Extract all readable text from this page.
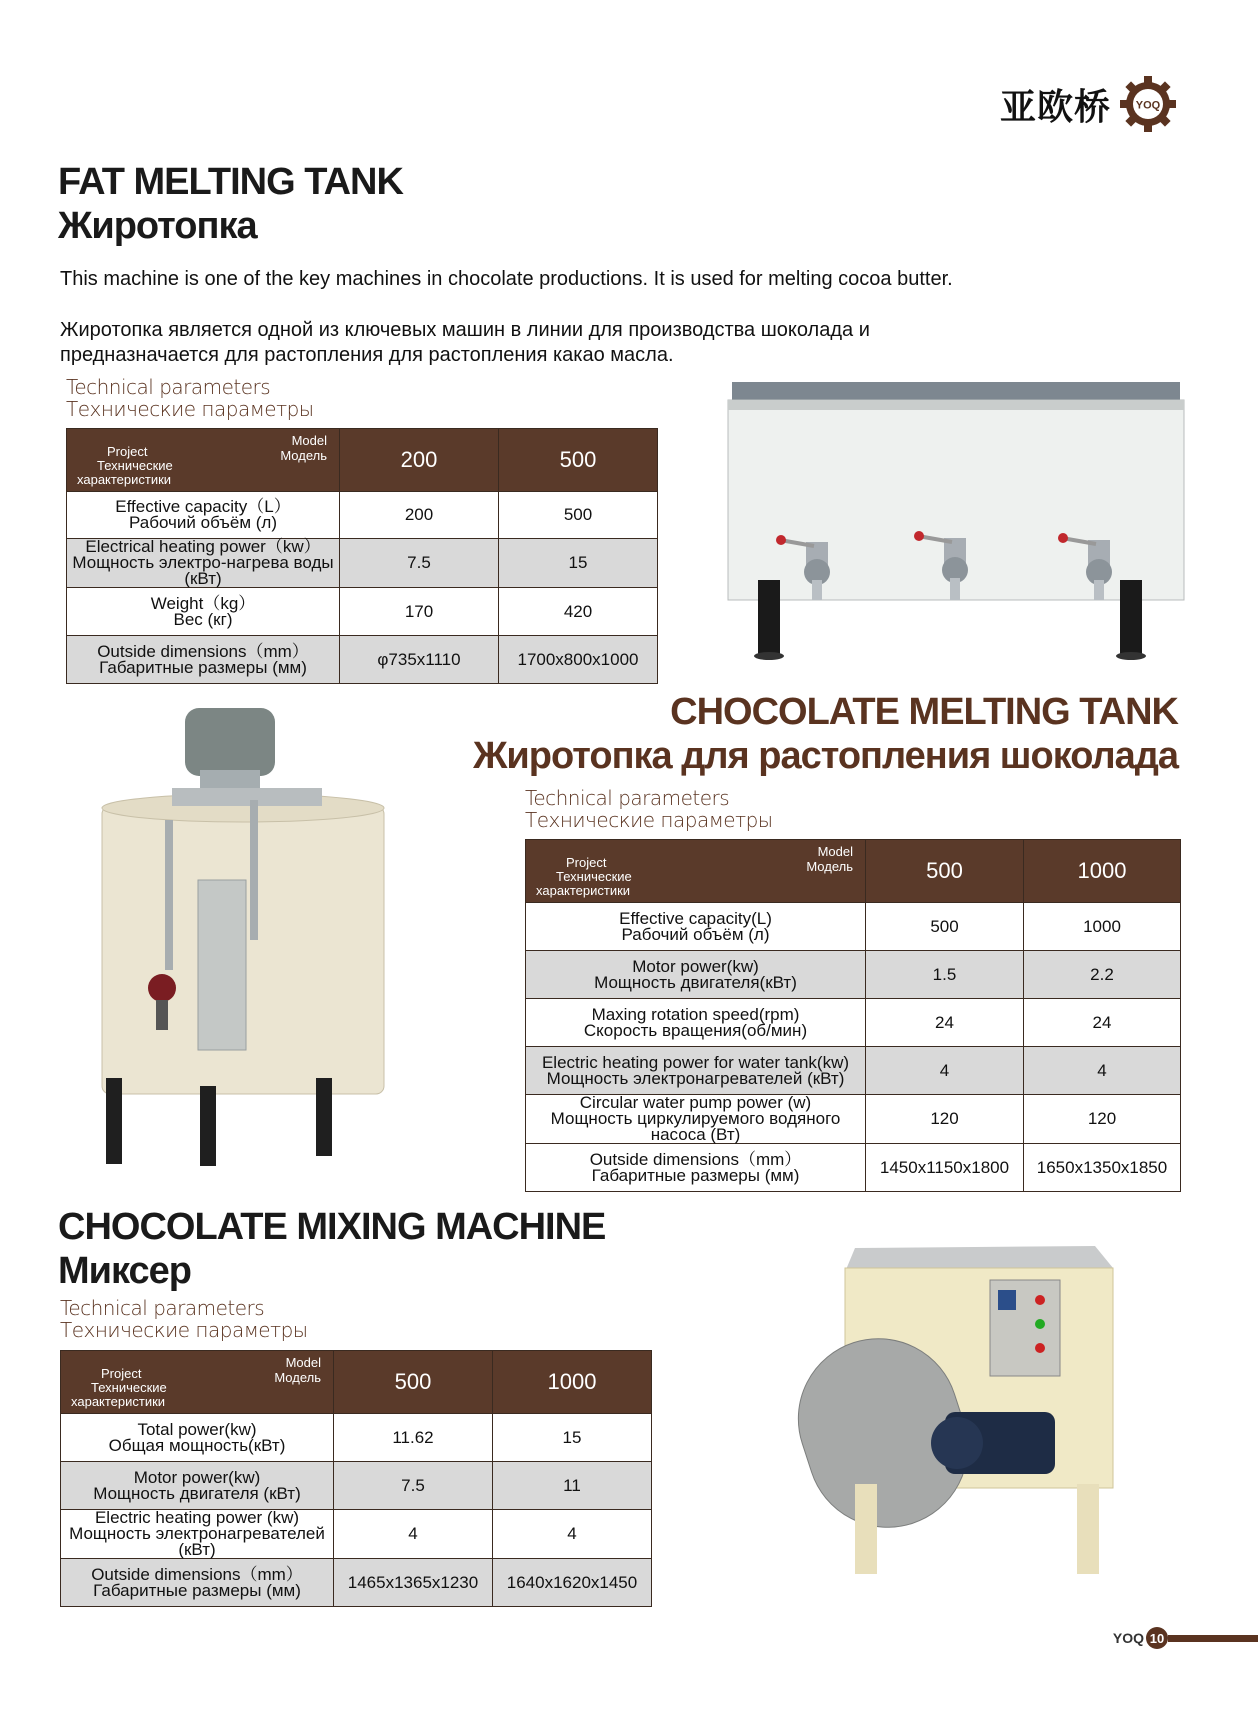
亚欧桥 YOQ
FAT MELTING TANK
Жиротопка
This machine is one of the key machines in chocolate productions. It is used for melting cocoa butter.
Жиротопка является одной из ключевых машин в линии для производства шоколада и
предназначается для растопления для растопления какао масла.
Technical parameters
Технические параметры
Model
Модель
Project
Технические
характеристики	200	500

Effective capacity（L）
Рабочий объём (л)	200	500

Electrical heating power（kw）
Мощность электро-нагрева воды (кВт)	7.5	15

Weight（kg）
Вес (кг)	170	420

Outside dimensions（mm）
Габаритные размеры (мм)	φ735x1110	1700x800x1000
CHOCOLATE MELTING TANK
Жиротопка для растопления шоколада
Technical parameters
Технические параметры
Model
Модель
Project
Технические
характеристики	500	1000

Effective capacity(L)
Рабочий объём (л)	500	1000

Motor power(kw)
Мощность двигателя(кВт)	1.5	2.2

Maxing rotation speed(rpm)
Скорость вращения(об/мин)	24	24

Electric heating power for water tank(kw)
Мощность электронагревателей (кВт)	4	4

Circular water pump power (w)
Мощность циркулируемого водяного насоса (Вт)	120	120

Outside dimensions（mm）
Габаритные размеры (мм)	1450x1150x1800	1650x1350x1850
CHOCOLATE MIXING MACHINE
Миксер
Technical parameters
Технические параметры
Model
Модель
Project
Технические
характеристики	500	1000

Total power(kw)
Общая мощность(кВт)	11.62	15

Motor power(kw)
Мощность двигателя (кВт)	7.5	11

Electric heating power (kw)
Мощность электронагревателей (кВт)	4	4

Outside dimensions（mm）
Габаритные размеры (мм)	1465x1365x1230	1640x1620x1450
YOQ 10
